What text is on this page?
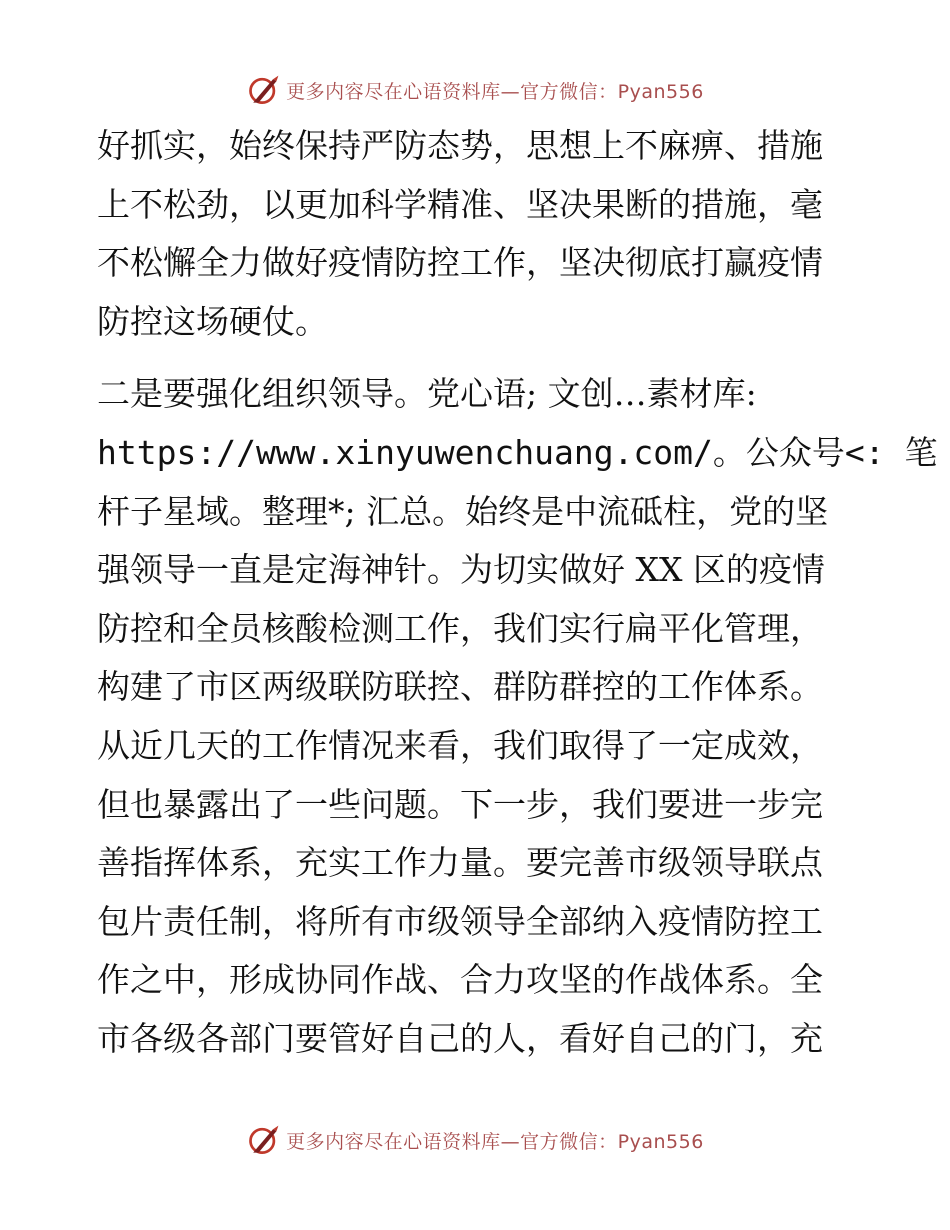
更多内容尽在心语资料库—官方微信：Pyan556
好抓实，始终保持严防态势，思想上不麻痹、措施
上不松劲，以更加科学精准、坚决果断的措施，毫
不松懈全力做好疫情防控工作，坚决彻底打赢疫情
防控这场硬仗。
二是要强化组织领导。党心语; 文创…素材库:
https://www.xinyuwenchuang.com/。公众号<: 笔
杆子星域。整理*; 汇总。始终是中流砥柱，党的坚
强领导一直是定海神针。为切实做好 XX 区的疫情
防控和全员核酸检测工作，我们实行扁平化管理，
构建了市区两级联防联控、群防群控的工作体系。
从近几天的工作情况来看，我们取得了一定成效，
但也暴露出了一些问题。下一步，我们要进一步完
善指挥体系，充实工作力量。要完善市级领导联点
包片责任制，将所有市级领导全部纳入疫情防控工
作之中，形成协同作战、合力攻坚的作战体系。全
市各级各部门要管好自己的人，看好自己的门，充
更多内容尽在心语资料库—官方微信：Pyan556
